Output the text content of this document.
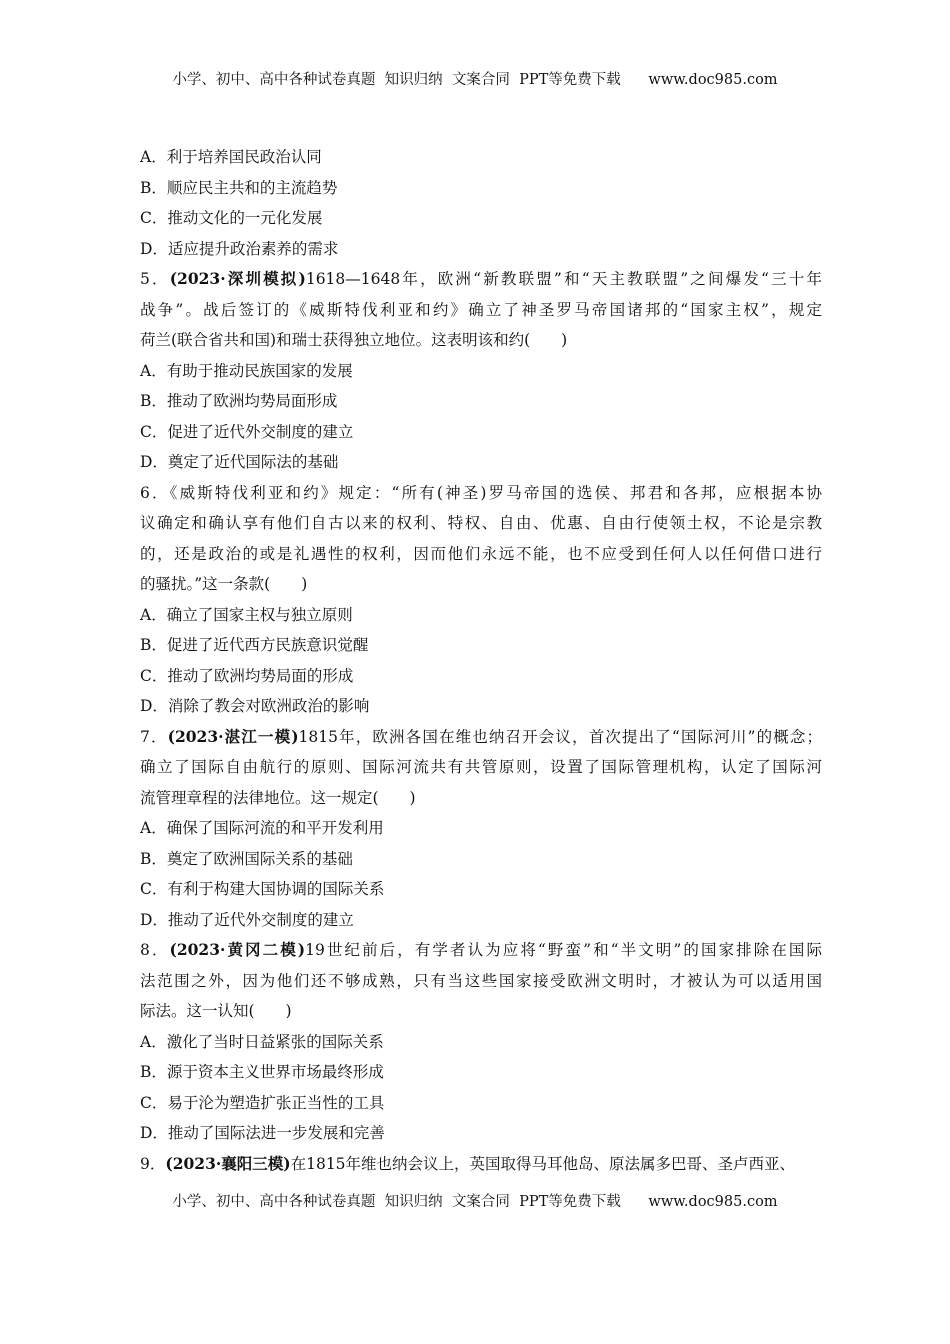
小学、初中、高中各种试卷真题  知识归纳  文案合同  PPT等免费下载      www.doc985.com
A．利于培养国民政治认同
B．顺应民主共和的主流趋势
C．推动文化的一元化发展
D．适应提升政治素养的需求
5．(2023·深圳模拟)1618—1648年，欧洲“新教联盟”和“天主教联盟”之间爆发“三十年
战争”。战后签订的《威斯特伐利亚和约》确立了神圣罗马帝国诸邦的“国家主权”，规定
荷兰(联合省共和国)和瑞士获得独立地位。这表明该和约(　　)
A．有助于推动民族国家的发展
B．推动了欧洲均势局面形成
C．促进了近代外交制度的建立
D．奠定了近代国际法的基础
6．《威斯特伐利亚和约》规定：“所有(神圣)罗马帝国的选侯、邦君和各邦，应根据本协
议确定和确认享有他们自古以来的权利、特权、自由、优惠、自由行使领土权，不论是宗教
的，还是政治的或是礼遇性的权利，因而他们永远不能，也不应受到任何人以任何借口进行
的骚扰。”这一条款(　　)
A．确立了国家主权与独立原则
B．促进了近代西方民族意识觉醒
C．推动了欧洲均势局面的形成
D．消除了教会对欧洲政治的影响
7．(2023·湛江一模)1815年，欧洲各国在维也纳召开会议，首次提出了“国际河川”的概念；
确立了国际自由航行的原则、国际河流共有共管原则，设置了国际管理机构，认定了国际河
流管理章程的法律地位。这一规定(　　)
A．确保了国际河流的和平开发利用
B．奠定了欧洲国际关系的基础
C．有利于构建大国协调的国际关系
D．推动了近代外交制度的建立
8．(2023·黄冈二模)19世纪前后，有学者认为应将“野蛮”和“半文明”的国家排除在国际
法范围之外，因为他们还不够成熟，只有当这些国家接受欧洲文明时，才被认为可以适用国
际法。这一认知(　　)
A．激化了当时日益紧张的国际关系
B．源于资本主义世界市场最终形成
C．易于沦为塑造扩张正当性的工具
D．推动了国际法进一步发展和完善
9．(2023·襄阳三模)在1815年维也纳会议上，英国取得马耳他岛、原法属多巴哥、圣卢西亚、
小学、初中、高中各种试卷真题  知识归纳  文案合同  PPT等免费下载      www.doc985.com
